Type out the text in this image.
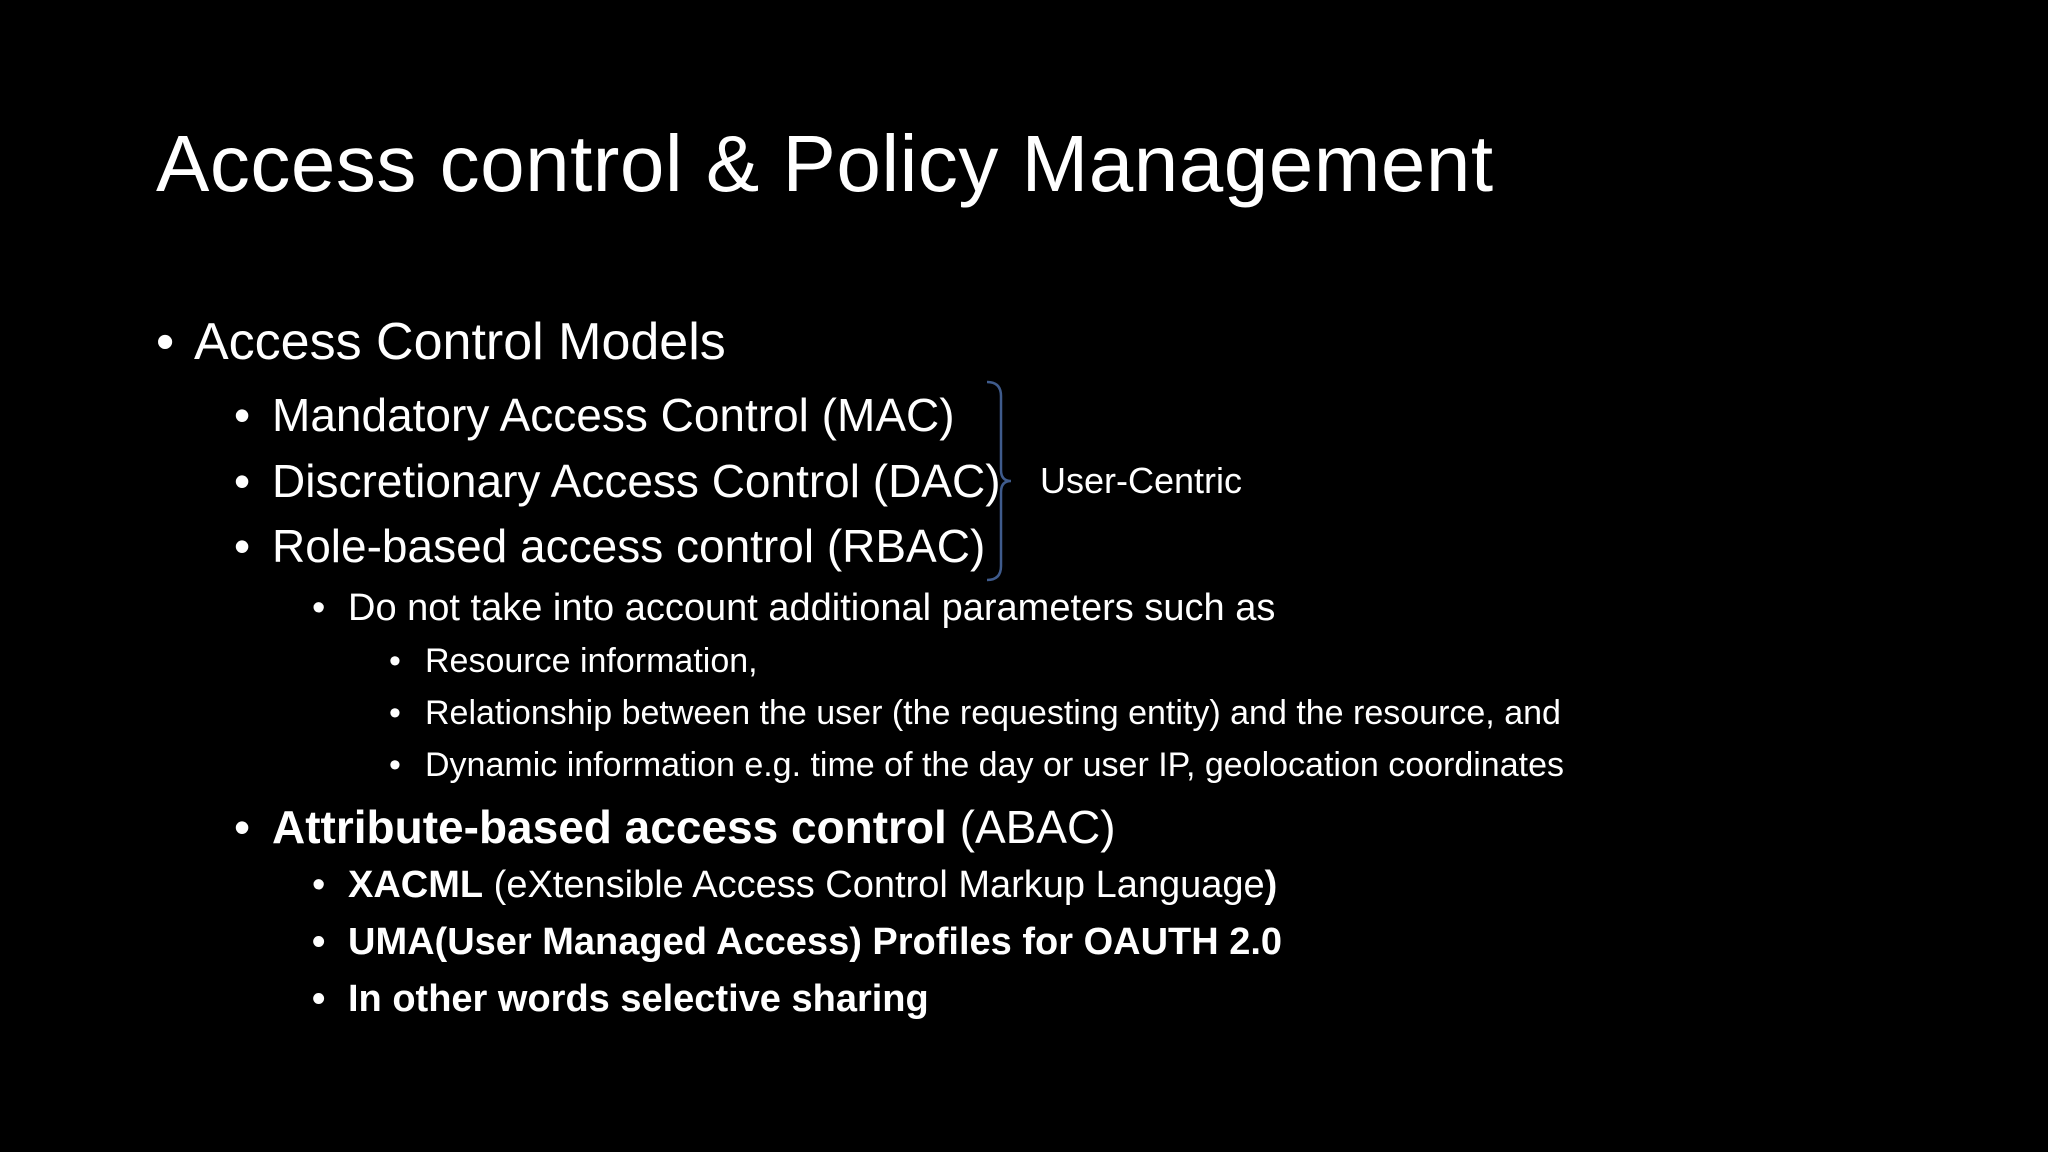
Access control & Policy Management
• Access Control Models
• Mandatory Access Control (MAC)
• Discretionary Access Control (DAC)
• Role-based access control (RBAC)
User-Centric
• Do not take into account additional parameters such as
• Resource information,
• Relationship between the user (the requesting entity) and the resource, and
• Dynamic information e.g. time of the day or user IP, geolocation coordinates
• Attribute-based access control (ABAC)
• XACML (eXtensible Access Control Markup Language)
• UMA(User Managed Access) Profiles for OAUTH 2.0
• In other words selective sharing
